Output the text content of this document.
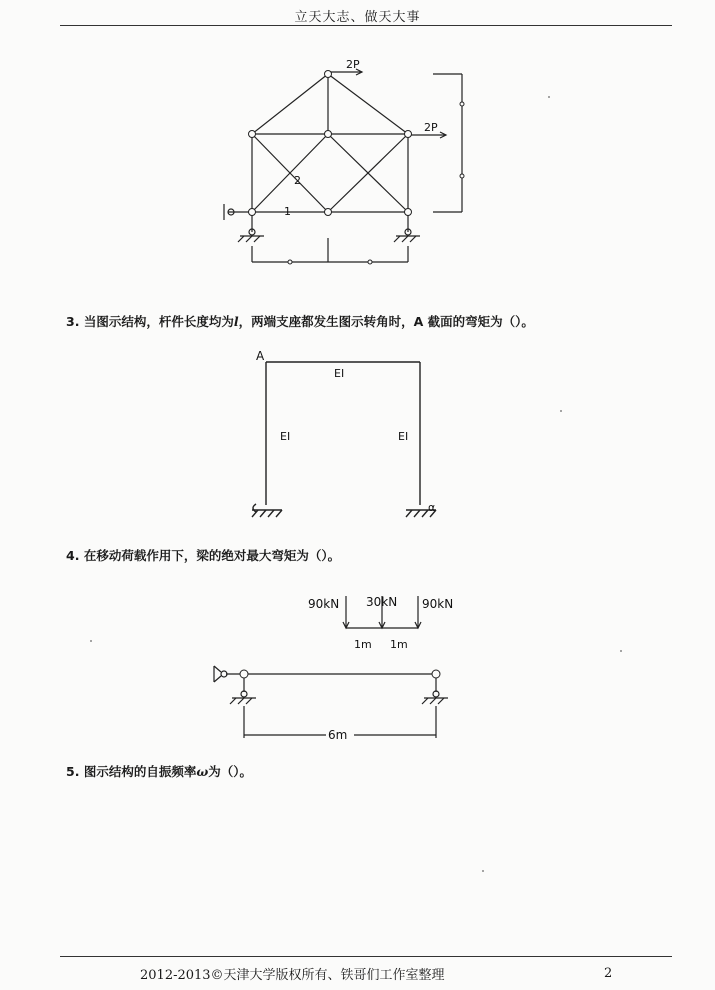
立天大志、做天大事
2P
2P
2
1
3. 当图示结构，杆件长度均为l，两端支座都发生图示转角时，A 截面的弯矩为（）。
A
EI
EI	EI
α
4. 在移动荷载作用下，梁的绝对最大弯矩为（）。
90kN 30kN 90kN
1m 1m
6m
5. 图示结构的自振频率ω为（）。
2012-2013©天津大学版权所有、铁哥们工作室整理	2
